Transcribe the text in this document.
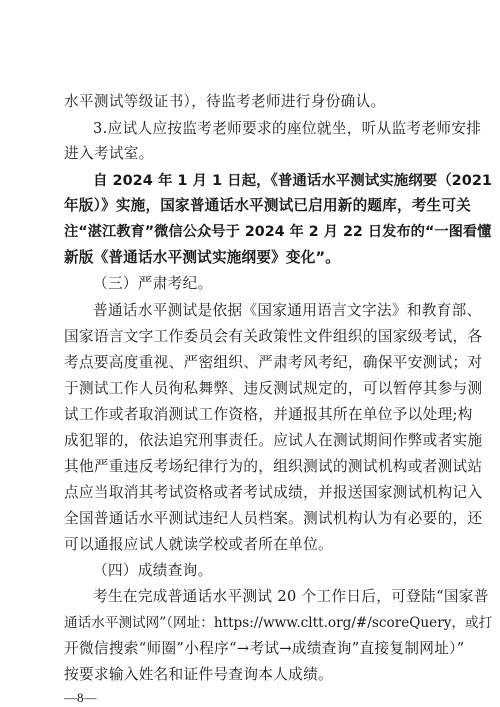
水平测试等级证书），待监考老师进行身份确认。
3.应试人应按监考老师要求的座位就坐，听从监考老师安排
进入考试室。
自 2024 年 1 月 1 日起，《普通话水平测试实施纲要（2021
年版）》实施，国家普通话水平测试已启用新的题库，考生可关
注“湛江教育”微信公众号于 2024 年 2 月 22 日发布的“一图看懂
新版《普通话水平测试实施纲要》变化”。
（三）严肃考纪。
普通话水平测试是依据《国家通用语言文字法》和教育部、
国家语言文字工作委员会有关政策性文件组织的国家级考试，各
考点要高度重视、严密组织、严肃考风考纪，确保平安测试；对
于测试工作人员徇私舞弊、违反测试规定的，可以暂停其参与测
试工作或者取消测试工作资格，并通报其所在单位予以处理;构
成犯罪的，依法追究刑事责任。应试人在测试期间作弊或者实施
其他严重违反考场纪律行为的，组织测试的测试机构或者测试站
点应当取消其考试资格或者考试成绩，并报送国家测试机构记入
全国普通话水平测试违纪人员档案。测试机构认为有必要的，还
可以通报应试人就读学校或者所在单位。
（四）成绩查询。
考生在完成普通话水平测试 20 个工作日后，可登陆“国家普
通话水平测试网”（网址：https://www.cltt.org/#/scoreQuery，或打
开微信搜索“师圈”小程序“→考试→成绩查询”直接复制网址）”
按要求输入姓名和证件号查询本人成绩。
—8—
